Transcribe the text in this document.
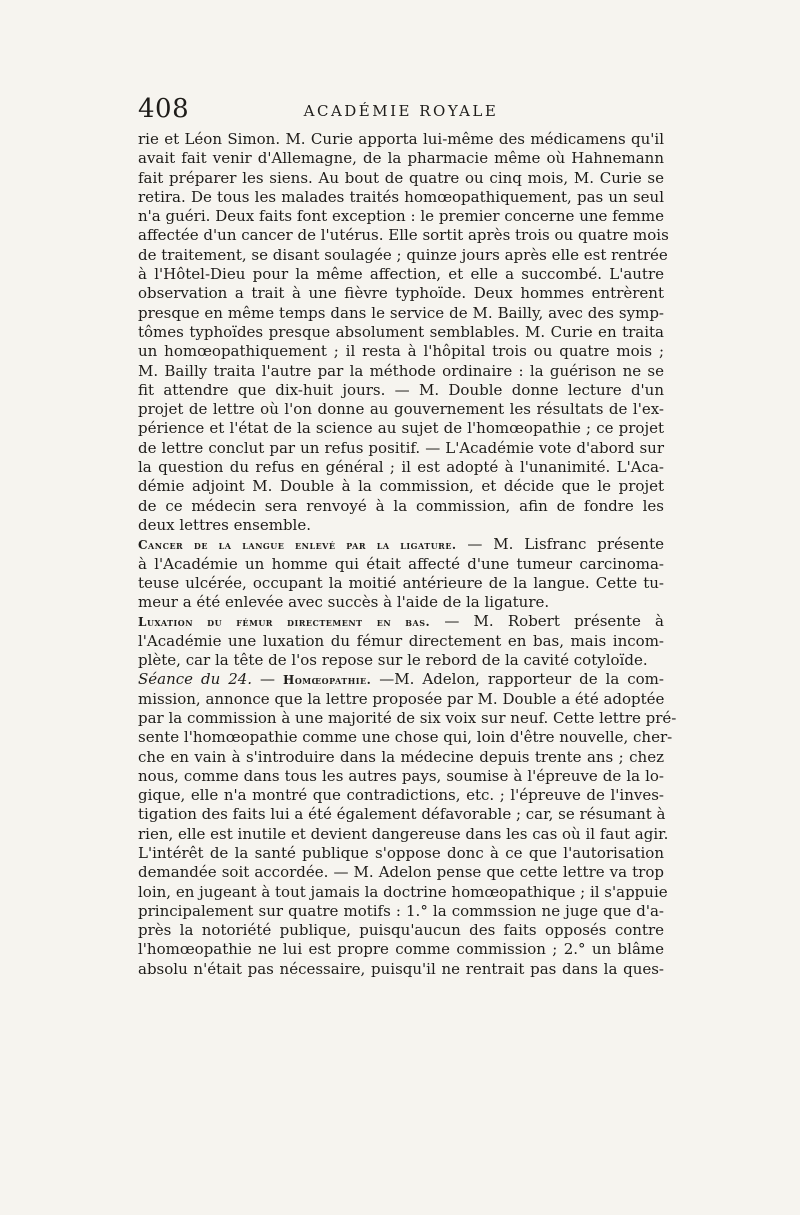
408	ACADÉMIE ROYALE
rie et Léon Simon. M. Curie apporta lui-même des médicamens qu'il
avait fait venir d'Allemagne, de la pharmacie même où Hahnemann
fait préparer les siens. Au bout de quatre ou cinq mois, M. Curie se
retira. De tous les malades traités homœopathiquement, pas un seul
n'a guéri. Deux faits font exception : le premier concerne une femme
affectée d'un cancer de l'utérus. Elle sortit après trois ou quatre mois
de traitement, se disant soulagée ; quinze jours après elle est rentrée
à l'Hôtel-Dieu pour la même affection, et elle a succombé. L'autre
observation a trait à une fièvre typhoïde. Deux hommes entrèrent
presque en même temps dans le service de M. Bailly, avec des symp-
tômes typhoïdes presque absolument semblables. M. Curie en traita
un homœopathiquement ; il resta à l'hôpital trois ou quatre mois ;
M. Bailly traita l'autre par la méthode ordinaire : la guérison ne se
fit attendre que dix-huit jours. — M. Double donne lecture d'un
projet de lettre où l'on donne au gouvernement les résultats de l'ex-
périence et l'état de la science au sujet de l'homœopathie ; ce projet
de lettre conclut par un refus positif. — L'Académie vote d'abord sur
la question du refus en général ; il est adopté à l'unanimité. L'Aca-
démie adjoint M. Double à la commission, et décide que le projet
de ce médecin sera renvoyé à la commission, afin de fondre les
deux lettres ensemble.
Cancer de la langue enlevé par la ligature. — M. Lisfranc présente
à l'Académie un homme qui était affecté d'une tumeur carcinoma-
teuse ulcérée, occupant la moitié antérieure de la langue. Cette tu-
meur a été enlevée avec succès à l'aide de la ligature.
Luxation du fémur directement en bas. — M. Robert présente à
l'Académie une luxation du fémur directement en bas, mais incom-
plète, car la tête de l'os repose sur le rebord de la cavité cotyloïde.
Séance du 24. — Homœopathie. —M. Adelon, rapporteur de la com-
mission, annonce que la lettre proposée par M. Double a été adoptée
par la commission à une majorité de six voix sur neuf. Cette lettre pré-
sente l'homœopathie comme une chose qui, loin d'être nouvelle, cher-
che en vain à s'introduire dans la médecine depuis trente ans ; chez
nous, comme dans tous les autres pays, soumise à l'épreuve de la lo-
gique, elle n'a montré que contradictions, etc. ; l'épreuve de l'inves-
tigation des faits lui a été également défavorable ; car, se résumant à
rien, elle est inutile et devient dangereuse dans les cas où il faut agir.
L'intérêt de la santé publique s'oppose donc à ce que l'autorisation
demandée soit accordée. — M. Adelon pense que cette lettre va trop
loin, en jugeant à tout jamais la doctrine homœopathique ; il s'appuie
principalement sur quatre motifs : 1.° la commssion ne juge que d'a-
près la notoriété publique, puisqu'aucun des faits opposés contre
l'homœopathie ne lui est propre comme commission ; 2.° un blâme
absolu n'était pas nécessaire, puisqu'il ne rentrait pas dans la ques-
